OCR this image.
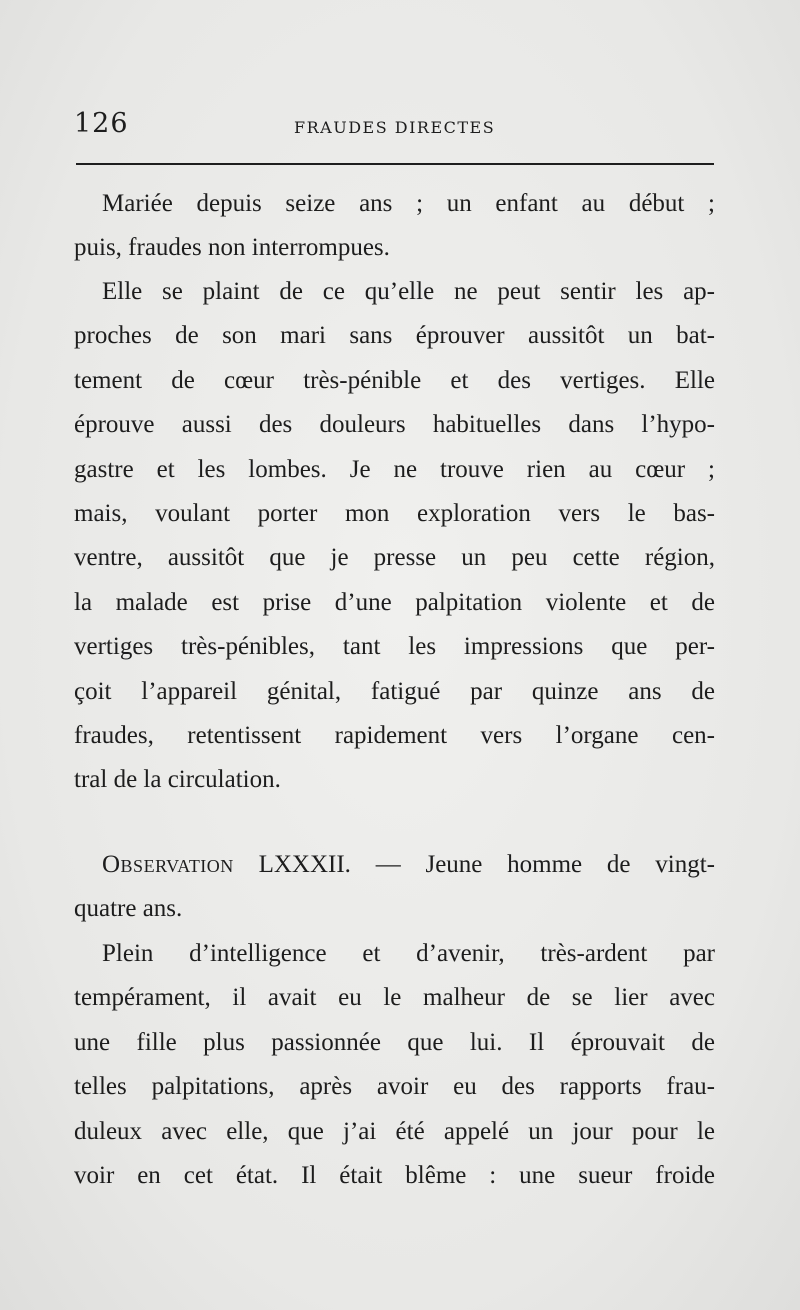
126	FRAUDES DIRECTES
Mariée depuis seize ans ; un enfant au début ;
puis, fraudes non interrompues.
Elle se plaint de ce qu’elle ne peut sentir les ap-
proches de son mari sans éprouver aussitôt un bat-
tement de cœur très-pénible et des vertiges. Elle
éprouve aussi des douleurs habituelles dans l’hypo-
gastre et les lombes. Je ne trouve rien au cœur ;
mais, voulant porter mon exploration vers le bas-
ventre, aussitôt que je presse un peu cette région,
la malade est prise d’une palpitation violente et de
vertiges très-pénibles, tant les impressions que per-
çoit l’appareil génital, fatigué par quinze ans de
fraudes, retentissent rapidement vers l’organe cen-
tral de la circulation.
Observation LXXXII. — Jeune homme de vingt-
quatre ans.
Plein d’intelligence et d’avenir, très-ardent par
tempérament, il avait eu le malheur de se lier avec
une fille plus passionnée que lui. Il éprouvait de
telles palpitations, après avoir eu des rapports frau-
duleux avec elle, que j’ai été appelé un jour pour le
voir en cet état. Il était blême : une sueur froide
